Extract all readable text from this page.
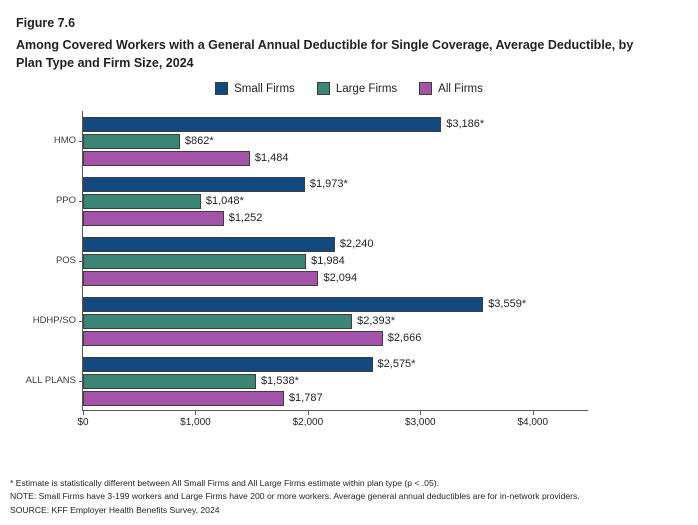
Figure 7.6
Among Covered Workers with a General Annual Deductible for Single Coverage, Average Deductible, by Plan Type and Firm Size, 2024
Small Firms	Large Firms	All Firms
$0	$1,000	$2,000	$3,000	$4,000
HMO
$3,186*
$862*
$1,484
PPO
$1,973*
$1,048*
$1,252
POS
$2,240
$1,984
$2,094
HDHP/SO
$3,559*
$2,393*
$2,666
ALL PLANS
$2,575*
$1,538*
$1,787
* Estimate is statistically different between All Small Firms and All Large Firms estimate within plan type (p < .05).
NOTE: Small Firms have 3-199 workers and Large Firms have 200 or more workers. Average general annual deductibles are for in-network providers.
SOURCE: KFF Employer Health Benefits Survey, 2024
